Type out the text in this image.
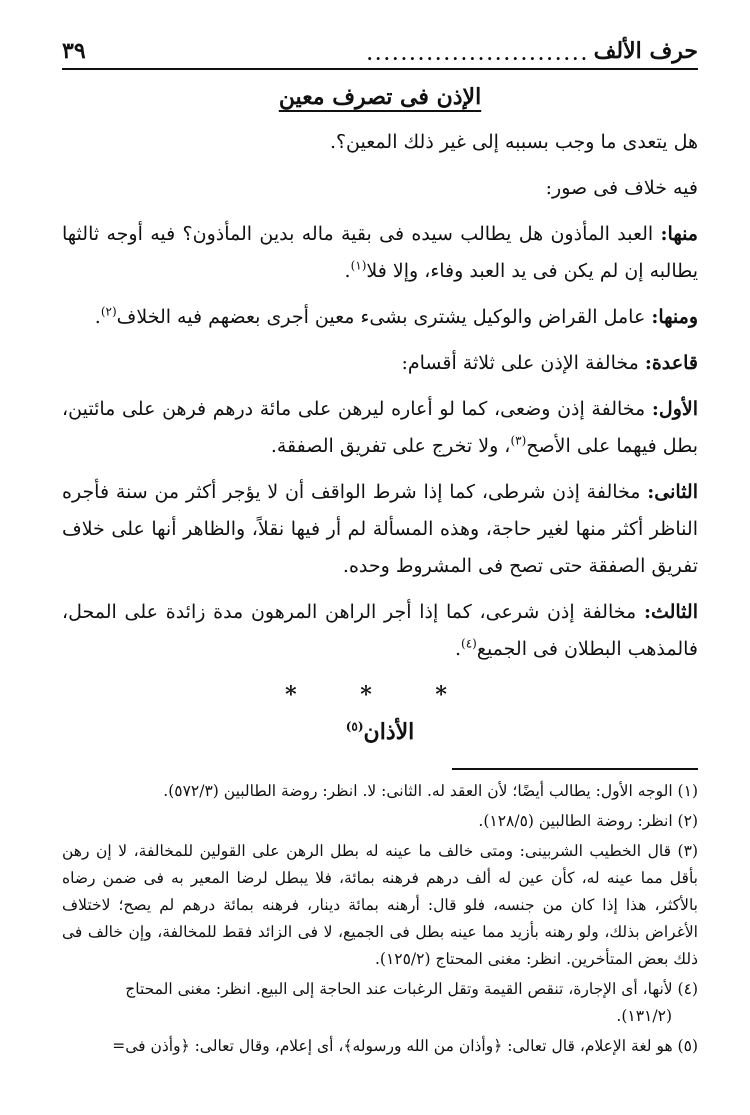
حرف الألف
..........................
٣٩
الإذن فى تصرف معين

هل يتعدى ما وجب بسببه إلى غير ذلك المعين؟.

فيه خلاف فى صور:

منها: العبد المأذون هل يطالب سيده فى بقية ماله بدين المأذون؟ فيه أوجه ثالثها يطالبه إن لم يكن فى يد العبد وفاء، وإلا فلا$^{(١)}$.

ومنها: عامل القراض والوكيل يشترى بشىء معين أجرى بعضهم فيه الخلاف$^{(٢)}$.

قاعدة: مخالفة الإذن على ثلاثة أقسام:

الأول: مخالفة إذن وضعى، كما لو أعاره ليرهن على مائة درهم فرهن على مائتين، بطل فيهما على الأصح$^{(٣)}$، ولا تخرج على تفريق الصفقة.

الثانى: مخالفة إذن شرطى، كما إذا شرط الواقف أن لا يؤجر أكثر من سنة فأجره الناظر أكثر منها لغير حاجة، وهذه المسألة لم أر فيها نقلاً، والظاهر أنها على خلاف تفريق الصفقة حتى تصح فى المشروط وحده.

الثالث: مخالفة إذن شرعى، كما إذا أجر الراهن المرهون مدة زائدة على المحل، فالمذهب البطلان فى الجميع$^{(٤)}$.

* * *
الأذان$^{(٥)}$
(١) الوجه الأول: يطالب أيضًا؛ لأن العقد له. الثانى: لا. انظر: روضة الطالبين (٥٧٢/٣).
(٢) انظر: روضة الطالبين (١٢٨/٥).
(٣) قال الخطيب الشربينى: ومتى خالف ما عينه له بطل الرهن على القولين للمخالفة، لا إن رهن بأقل مما عينه له، كأن عين له ألف درهم فرهنه بمائة، فلا يبطل لرضا المعير به فى ضمن رضاه بالأكثر، هذا إذا كان من جنسه، فلو قال: أرهنه بمائة دينار، فرهنه بمائة درهم لم يصح؛ لاختلاف الأغراض بذلك، ولو رهنه بأزيد مما عينه بطل فى الجميع، لا فى الزائد فقط للمخالفة، وإن خالف فى ذلك بعض المتأخرين. انظر: مغنى المحتاج (١٢٥/٢).
(٤) لأنها، أى الإجارة، تنقص القيمة وتقل الرغبات عند الحاجة إلى البيع. انظر: مغنى المحتاج
(١٣١/٢).
(٥) هو لغة الإعلام، قال تعالى: ﴿وأذان من الله ورسوله﴾، أى إعلام، وقال تعالى: ﴿وأذن فى=
